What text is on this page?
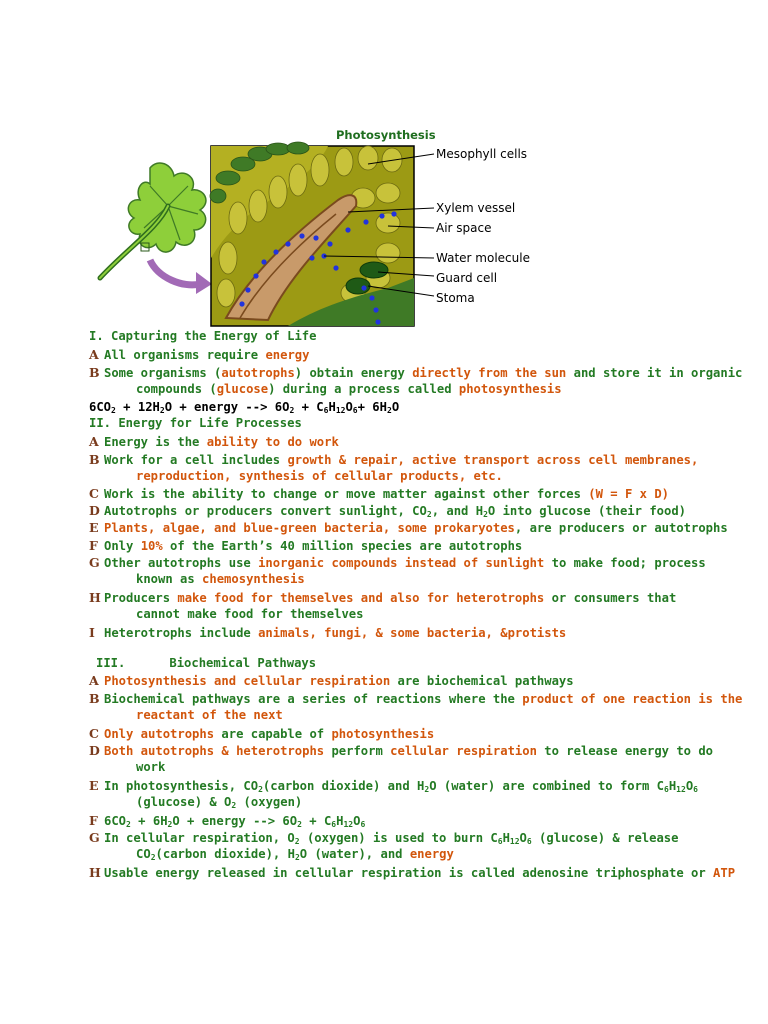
Photosynthesis
Mesophyll cells
Xylem vessel
Air space
Water molecule
Guard cell
Stoma
I. Capturing the Energy of Life
A All organisms require energy
B Some organisms (autotrophs) obtain energy directly from the sun and store it in organic
compounds (glucose) during a process called photosynthesis
$6CO_2 + 12H_2O$ + energy --> $6O_2 + C_6H_{12}O_6+ 6H_2O$
II. Energy for Life Processes
A Energy is the ability to do work
B Work for a cell includes growth & repair, active transport across cell membranes,
reproduction, synthesis of cellular products, etc.
C Work is the ability to change or move matter against other forces (W = F x D)
D Autotrophs or producers convert sunlight, $CO_2$, and $H_2O$ into glucose (their food)
E Plants, algae, and blue-green bacteria, some prokaryotes, are producers or autotrophs
F Only 10% of the Earth’s 40 million species are autotrophs
G Other autotrophs use inorganic compounds instead of sunlight to make food; process
known as chemosynthesis
H Producers make food for themselves and also for heterotrophs or consumers that
cannot make food for themselves
I Heterotrophs include animals, fungi, & some bacteria, &protists
III.	Biochemical Pathways
A Photosynthesis and cellular respiration are biochemical pathways
B Biochemical pathways are a series of reactions where the product of one reaction is the
reactant of the next
C Only autotrophs are capable of photosynthesis
D Both autotrophs & heterotrophs perform cellular respiration to release energy to do
work
E In photosynthesis, $CO_2(carbon$ dioxide) and $H_2O$ (water) are combined to form $C_6H_{12}O_6$
(glucose) & $O_2$ (oxygen)
F $6CO_2 + 6H_2O$ + energy --> $6O_2 + C_6H_{12}O_6$
G In cellular respiration, $O_2$ (oxygen) is used to burn $C_6H_{12}O_6$ (glucose) & release
$CO_2(carbon$ dioxide), $H_2O$ (water), and energy
H Usable energy released in cellular respiration is called adenosine triphosphate or ATP
